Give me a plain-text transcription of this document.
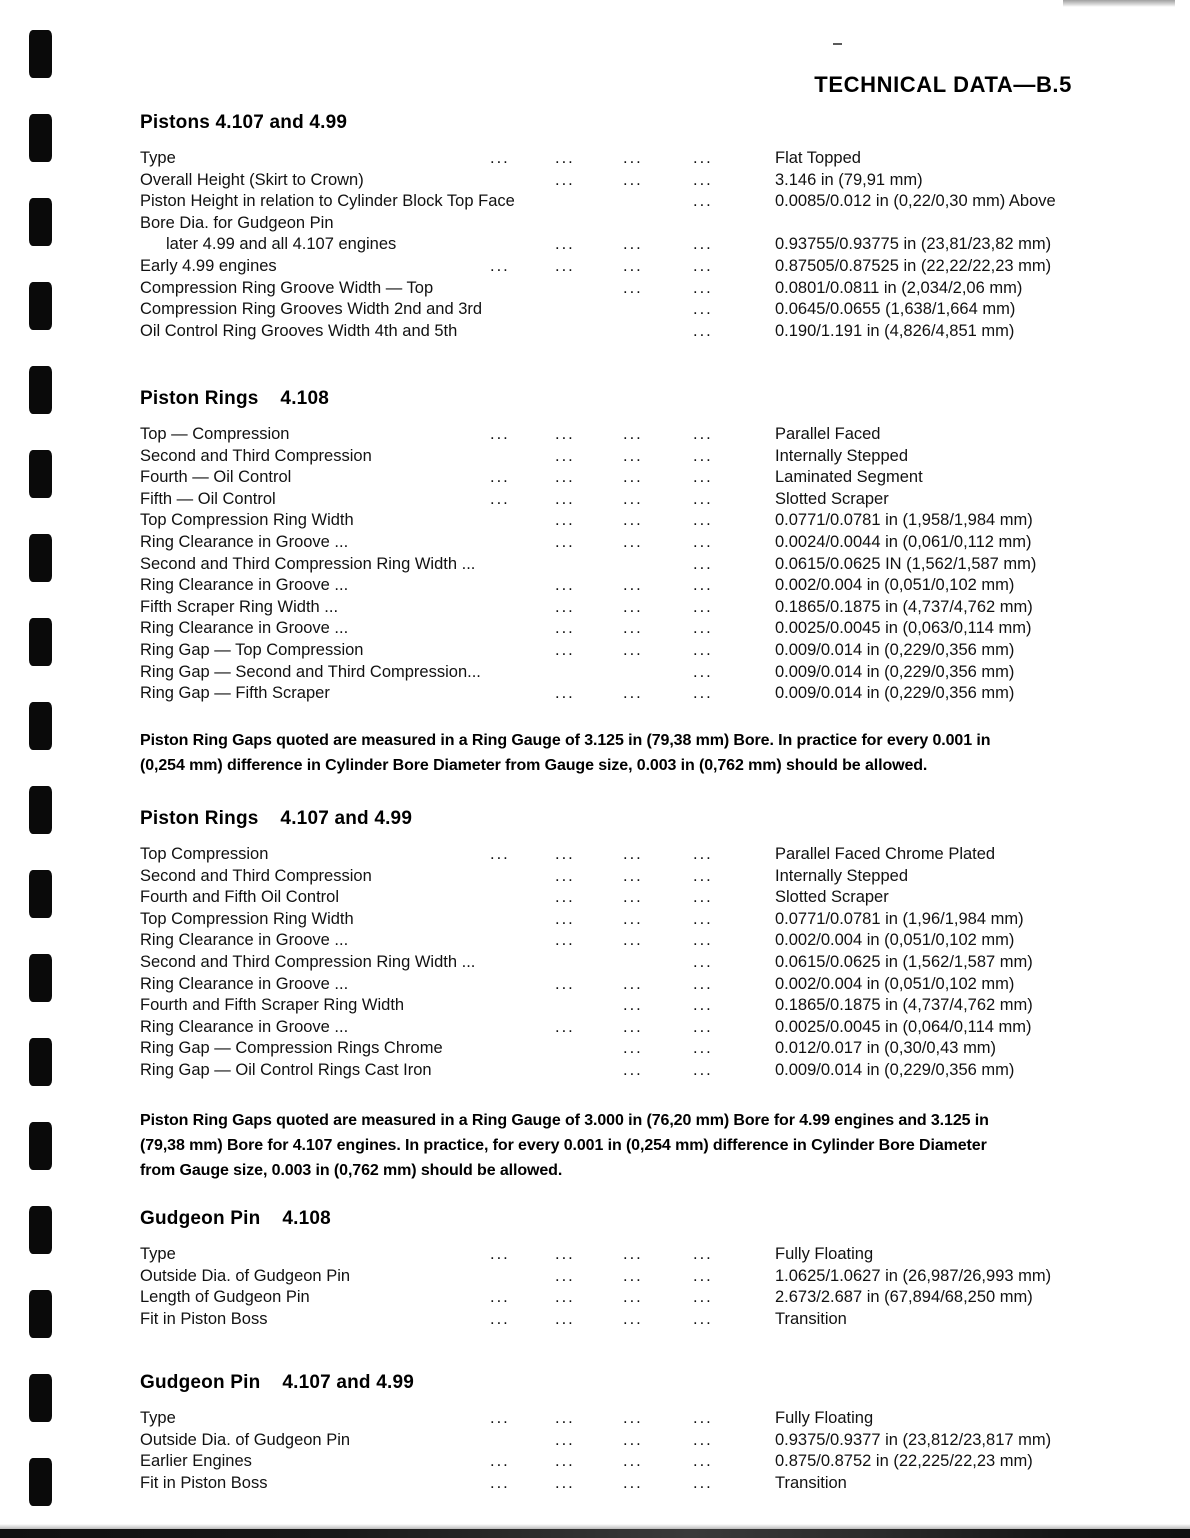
TECHNICAL DATA—B.5
Pistons 4.107 and 4.99
Type	...	...	...	...	Flat Topped
Overall Height (Skirt to Crown)		...	...	...	3.146 in (79,91 mm)
Piston Height in relation to Cylinder Block Top Face				...	0.0085/0.012 in (0,22/0,30 mm) Above
Bore Dia. for Gudgeon Pin					
later 4.99 and all 4.107 engines		...	...	...	0.93755/0.93775 in (23,81/23,82 mm)
Early 4.99 engines	...	...	...	...	0.87505/0.87525 in (22,22/22,23 mm)
Compression Ring Groove Width — Top			...	...	0.0801/0.0811 in (2,034/2,06 mm)
Compression Ring Grooves Width 2nd and 3rd				...	0.0645/0.0655 (1,638/1,664 mm)
Oil Control Ring Grooves Width 4th and 5th				...	0.190/1.191 in (4,826/4,851 mm)
Piston Rings    4.108
Top — Compression	...	...	...	...	Parallel Faced
Second and Third Compression		...	...	...	Internally Stepped
Fourth — Oil Control	...	...	...	...	Laminated Segment
Fifth — Oil Control	...	...	...	...	Slotted Scraper
Top Compression Ring Width		...	...	...	0.0771/0.0781 in (1,958/1,984 mm)
Ring Clearance in Groove ...		...	...	...	0.0024/0.0044 in (0,061/0,112 mm)
Second and Third Compression Ring Width ...				...	0.0615/0.0625 IN (1,562/1,587 mm)
Ring Clearance in Groove ...		...	...	...	0.002/0.004 in (0,051/0,102 mm)
Fifth Scraper Ring Width ...		...	...	...	0.1865/0.1875 in (4,737/4,762 mm)
Ring Clearance in Groove ...		...	...	...	0.0025/0.0045 in (0,063/0,114 mm)
Ring Gap — Top Compression		...	...	...	0.009/0.014 in (0,229/0,356 mm)
Ring Gap — Second and Third Compression...				...	0.009/0.014 in (0,229/0,356 mm)
Ring Gap — Fifth Scraper		...	...	...	0.009/0.014 in (0,229/0,356 mm)
Piston Rings    4.107 and 4.99
Top Compression	...	...	...	...	Parallel Faced Chrome Plated
Second and Third Compression		...	...	...	Internally Stepped
Fourth and Fifth Oil Control		...	...	...	Slotted Scraper
Top Compression Ring Width		...	...	...	0.0771/0.0781 in (1,96/1,984 mm)
Ring Clearance in Groove ...		...	...	...	0.002/0.004 in (0,051/0,102 mm)
Second and Third Compression Ring Width ...				...	0.0615/0.0625 in (1,562/1,587 mm)
Ring Clearance in Groove ...		...	...	...	0.002/0.004 in (0,051/0,102 mm)
Fourth and Fifth Scraper Ring Width			...	...	0.1865/0.1875 in (4,737/4,762 mm)
Ring Clearance in Groove ...		...	...	...	0.0025/0.0045 in (0,064/0,114 mm)
Ring Gap — Compression Rings Chrome			...	...	0.012/0.017 in (0,30/0,43 mm)
Ring Gap — Oil Control Rings Cast Iron			...	...	0.009/0.014 in (0,229/0,356 mm)
Gudgeon Pin    4.108
Type	...	...	...	...	Fully Floating
Outside Dia. of Gudgeon Pin		...	...	...	1.0625/1.0627 in (26,987/26,993 mm)
Length of Gudgeon Pin	...	...	...	...	2.673/2.687 in (67,894/68,250 mm)
Fit in Piston Boss	...	...	...	...	Transition
Gudgeon Pin    4.107 and 4.99
Type	...	...	...	...	Fully Floating
Outside Dia. of Gudgeon Pin		...	...	...	0.9375/0.9377 in (23,812/23,817 mm)
Earlier Engines	...	...	...	...	0.875/0.8752 in (22,225/22,23 mm)
Fit in Piston Boss	...	...	...	...	Transition

Piston Ring Gaps quoted are measured in a Ring Gauge of 3.125 in (79,38 mm) Bore. In practice for every 0.001 in

(0,254 mm) difference in Cylinder Bore Diameter from Gauge size, 0.003 in (0,762 mm) should be allowed.

Piston Ring Gaps quoted are measured in a Ring Gauge of 3.000 in (76,20 mm) Bore for 4.99 engines and 3.125 in

(79,38 mm) Bore for 4.107 engines. In practice, for every 0.001 in (0,254 mm) difference in Cylinder Bore Diameter

from Gauge size, 0.003 in (0,762 mm) should be allowed.
